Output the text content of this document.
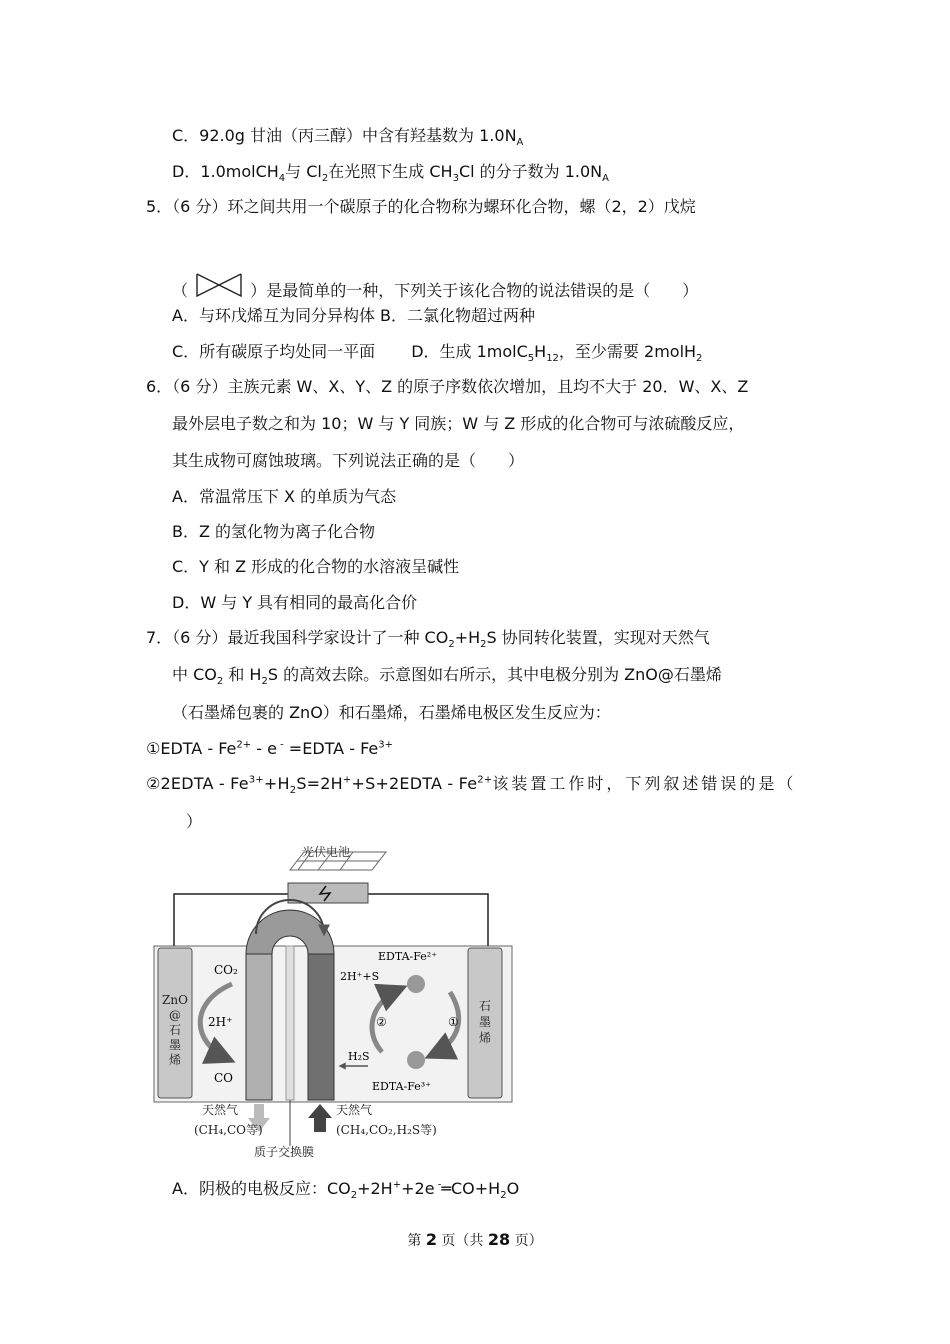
C．92.0g 甘油（丙三醇）中含有羟基数为 $1.0N_A$
D．1.0molCH$_4$与 $Cl_2$在光照下生成 $CH_3Cl$ 的分子数为 $1.0N_A$
5．（6 分）环之间共用一个碳原子的化合物称为螺环化合物，螺（2，2）戊烷
（	）是最简单的一种，下列关于该化合物的说法错误的是（　　）
A．与环戊烯互为同分异构体 B．二氯化物超过两种
C．所有碳原子均处同一平面 D．生成 $1molC_5H_{12}$，至少需要 2molH$_2$
6．（6 分）主族元素 W、X、Y、Z 的原子序数依次增加，且均不大于 20．W、X、Z
最外层电子数之和为 10；W 与 Y 同族；W 与 Z 形成的化合物可与浓硫酸反应，
其生成物可腐蚀玻璃。下列说法正确的是（　　）
A．常温常压下 X 的单质为气态
B．Z 的氢化物为离子化合物
C．Y 和 Z 形成的化合物的水溶液呈碱性
D．W 与 Y 具有相同的最高化合价
7．（6 分）最近我国科学家设计了一种 $CO_2+H_2S$ 协同转化装置，实现对天然气
中 $CO_2$ 和 $H_2S$ 的高效去除。示意图如右所示，其中电极分别为 ZnO@石墨烯
（石墨烯包裹的 ZnO）和石墨烯，石墨烯电极区发生反应为：
①EDTA - $Fe^{2+}$ - e - =EDTA - $Fe^{3+}$
②2EDTA - $Fe^{3+}+H_2S=2H^++S+2EDTA - Fe^{2+}$该装置工作时，下列叙述错误的是（
）
光伏电池
ZnO
@
石
墨
烯
石
墨
烯
CO₂
2H⁺
CO
EDTA-Fe²⁺
2H⁺+S
②	①
H₂S
EDTA-Fe³⁺
天然气
(CH₄,CO等)
天然气
(CH₄,CO₂,H₂S等)
质子交换膜
A．阴极的电极反应：$CO_2+2H^++2e$ $^-═CO+H_2O$
第 2 页（共 28 页）
